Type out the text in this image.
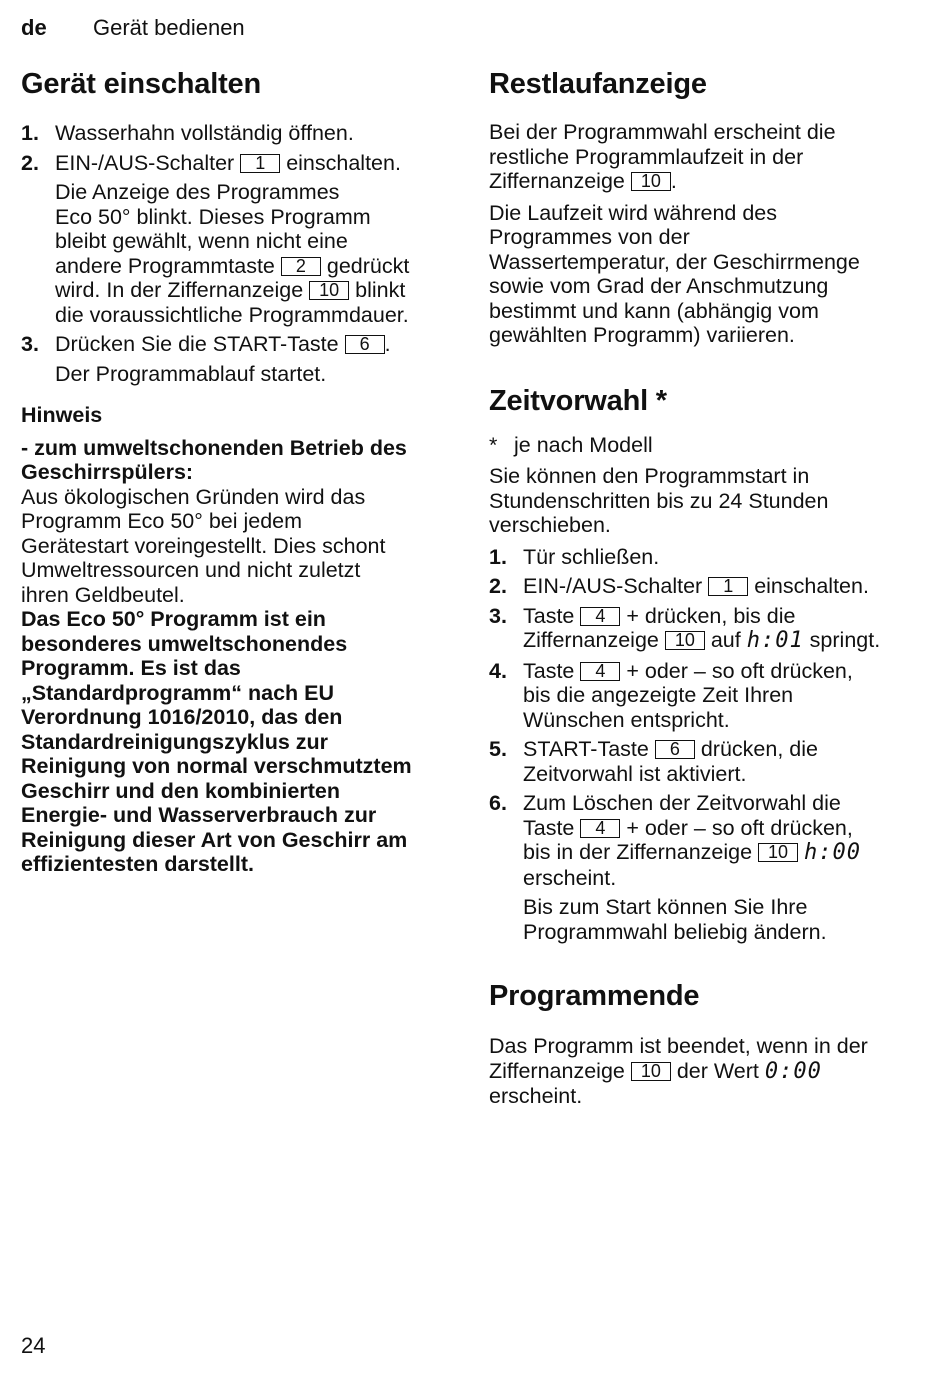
de Gerät bedienen
Gerät einschalten
1. Wasserhahn vollständig öffnen.
2. EIN-/AUS-Schalter 1 einschalten.
Die Anzeige des Programmes
Eco 50° blinkt. Dieses Programm
bleibt gewählt, wenn nicht eine
andere Programmtaste 2 gedrückt
wird. In der Ziffernanzeige 10 blinkt
die voraussichtliche Programmdauer.
3. Drücken Sie die START-Taste 6 .
Der Programmablauf startet.
Hinweis
- zum umweltschonenden Betrieb des
Geschirrspülers:
Aus ökologischen Gründen wird das
Programm Eco 50° bei jedem
Gerätestart voreingestellt. Dies schont
Umweltressourcen und nicht zuletzt
ihren Geldbeutel.
Das Eco 50° Programm ist ein
besonderes umweltschonendes
Programm. Es ist das
„Standardprogramm“ nach EU
Verordnung 1016/2010, das den
Standardreinigungszyklus zur
Reinigung von normal verschmutztem
Geschirr und den kombinierten
Energie- und Wasserverbrauch zur
Reinigung dieser Art von Geschirr am
effizientesten darstellt.
Restlaufanzeige
Bei der Programmwahl erscheint die
restliche Programmlaufzeit in der
Ziffernanzeige 10 .
Die Laufzeit wird während des
Programmes von der
Wassertemperatur, der Geschirrmenge
sowie vom Grad der Anschmutzung
bestimmt und kann (abhängig vom
gewählten Programm) variieren.
Zeitvorwahl *
* je nach Modell
Sie können den Programmstart in
Stundenschritten bis zu 24 Stunden
verschieben.
1. Tür schließen.
2. EIN-/AUS-Schalter 1 einschalten.
3. Taste 4 + drücken, bis die
Ziffernanzeige 10 auf h:01 springt.
4. Taste 4 + oder – so oft drücken,
bis die angezeigte Zeit Ihren
Wünschen entspricht.
5. START-Taste 6 drücken, die
Zeitvorwahl ist aktiviert.
6. Zum Löschen der Zeitvorwahl die
Taste 4 + oder – so oft drücken,
bis in der Ziffernanzeige 10 h:00
erscheint.
Bis zum Start können Sie Ihre
Programmwahl beliebig ändern.
Programmende
Das Programm ist beendet, wenn in der
Ziffernanzeige 10 der Wert 0:00
erscheint.
24
